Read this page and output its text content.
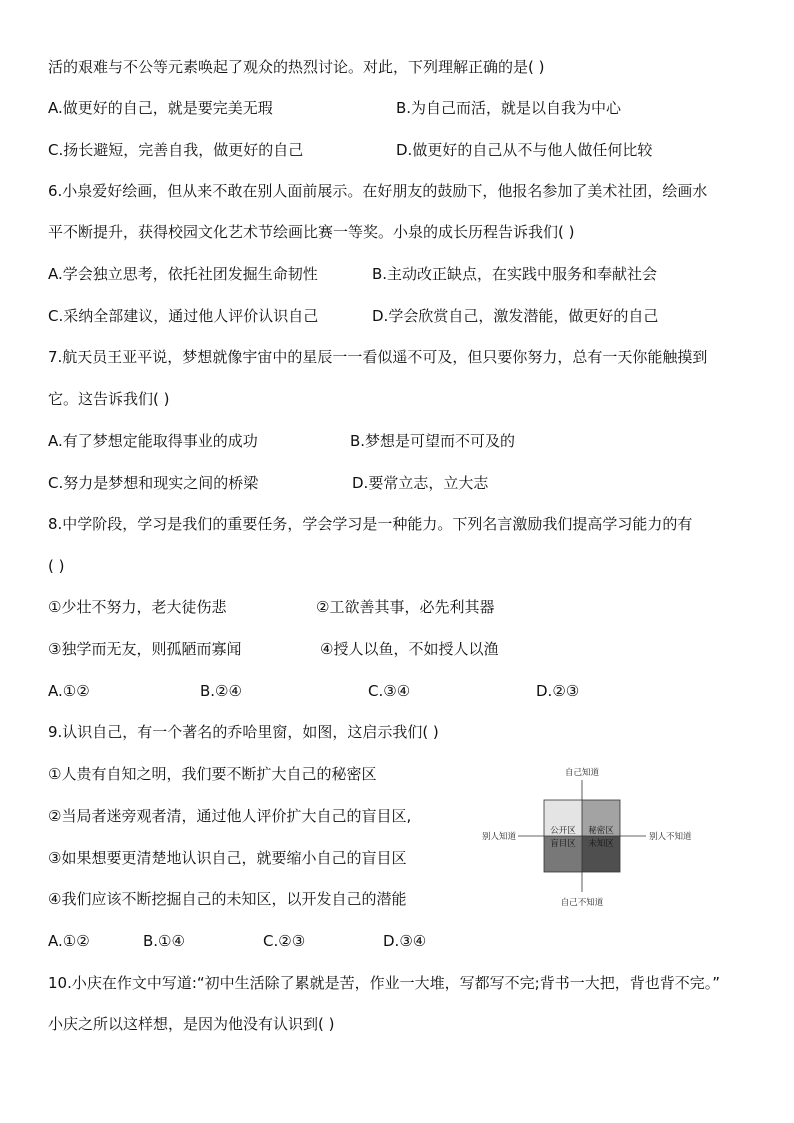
活的艰难与不公等元素唤起了观众的热烈讨论。对此，下列理解正确的是( )
A.做更好的自己，就是要完美无瑕	B.为自己而活，就是以自我为中心
C.扬长避短，完善自我，做更好的自己	D.做更好的自己从不与他人做任何比较
6.小泉爱好绘画，但从来不敢在别人面前展示。在好朋友的鼓励下，他报名参加了美术社团，绘画水
平不断提升，获得校园文化艺术节绘画比赛一等奖。小泉的成长历程告诉我们( )
A.学会独立思考，依托社团发掘生命韧性	B.主动改正缺点，在实践中服务和奉献社会
C.采纳全部建议，通过他人评价认识自己	D.学会欣赏自己，激发潜能，做更好的自己
7.航天员王亚平说，梦想就像宇宙中的星辰一一看似遥不可及，但只要你努力，总有一天你能触摸到
它。这告诉我们( )
A.有了梦想定能取得事业的成功	B.梦想是可望而不可及的
C.努力是梦想和现实之间的桥梁	D.要常立志，立大志
8.中学阶段，学习是我们的重要任务，学会学习是一种能力。下列名言激励我们提高学习能力的有
( )
①少壮不努力，老大徒伤悲	②工欲善其事，必先利其器
③独学而无友，则孤陋而寡闻	④授人以鱼，不如授人以渔
A.①②	B.②④	C.③④	D.②③
9.认识自己，有一个著名的乔哈里窗，如图，这启示我们( )
①人贵有自知之明，我们要不断扩大自己的秘密区
②当局者迷旁观者清，通过他人评价扩大自己的盲目区,
③如果想要更清楚地认识自己，就要缩小自己的盲目区
④我们应该不断挖掘自己的未知区，以开发自己的潜能
A.①②	B.①④	C.②③	D.③④
自己知道
自己不知道
别人知道	别人不知道
公开区 秘密区
盲目区 未知区
10.小庆在作文中写道:“初中生活除了累就是苦，作业一大堆，写都写不完;背书一大把，背也背不完。”
小庆之所以这样想，是因为他没有认识到( )
